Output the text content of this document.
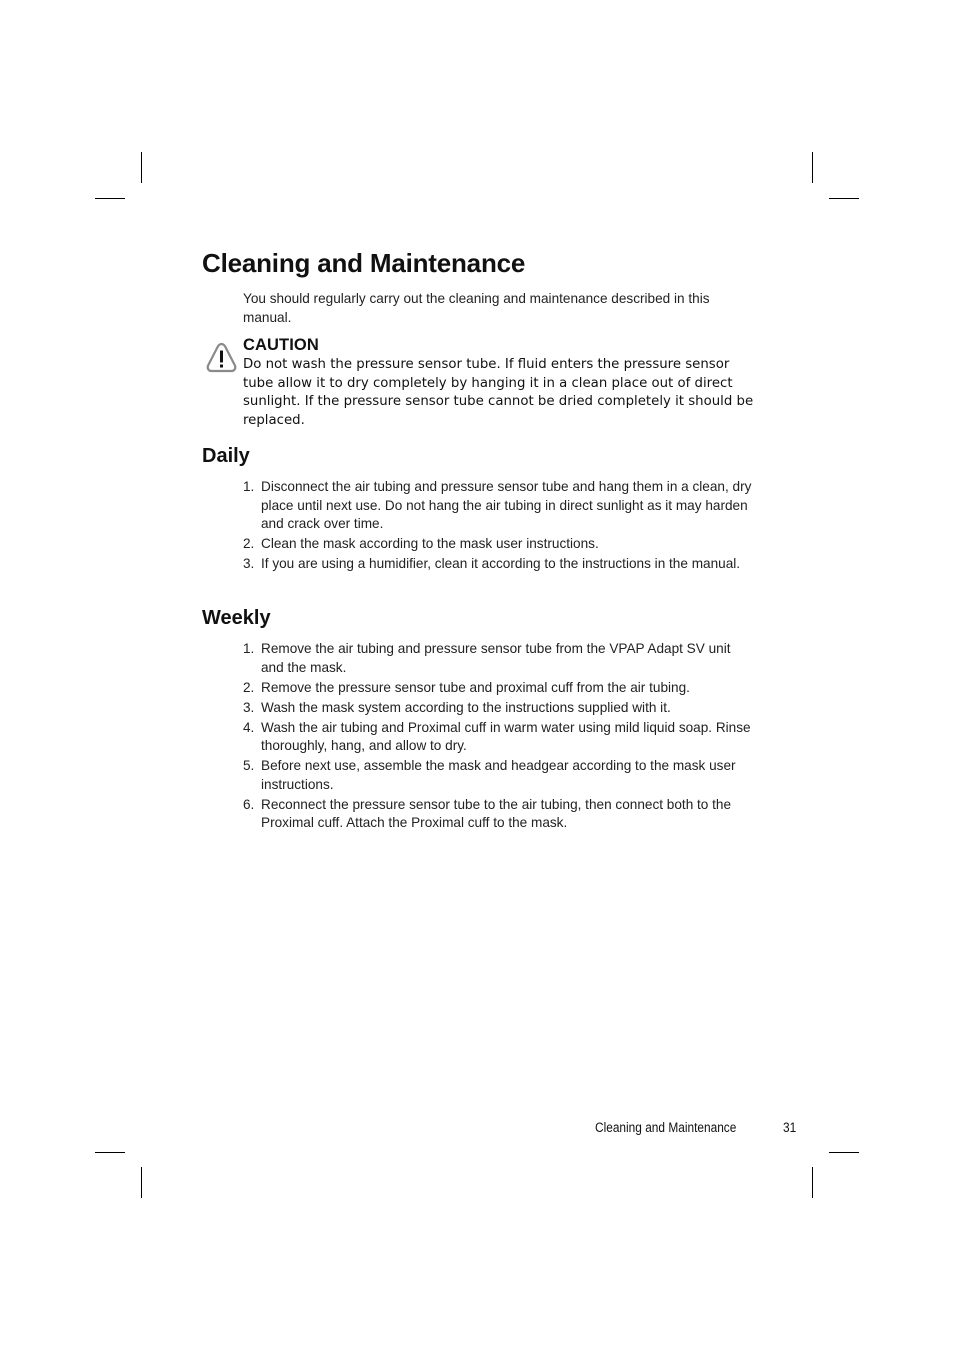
Cleaning and Maintenance

You should regularly carry out the cleaning and maintenance described in this manual.

CAUTION

Do not wash the pressure sensor tube. If fluid enters the pressure sensor tube allow it to dry completely by hanging it in a clean place out of direct sunlight. If the pressure sensor tube cannot be dried completely it should be replaced.

Daily
1. Disconnect the air tubing and pressure sensor tube and hang them in a clean, dry place until next use. Do not hang the air tubing in direct sunlight as it may harden and crack over time.
2. Clean the mask according to the mask user instructions.
3. If you are using a humidifier, clean it according to the instructions in the manual.
Weekly
1. Remove the air tubing and pressure sensor tube from the VPAP Adapt SV unit and the mask.
2. Remove the pressure sensor tube and proximal cuff from the air tubing.
3. Wash the mask system according to the instructions supplied with it.
4. Wash the air tubing and Proximal cuff in warm water using mild liquid soap. Rinse thoroughly, hang, and allow to dry.
5. Before next use, assemble the mask and headgear according to the mask user instructions.
6. Reconnect the pressure sensor tube to the air tubing, then connect both to the Proximal cuff. Attach the Proximal cuff to the mask.
Cleaning and Maintenance	31
